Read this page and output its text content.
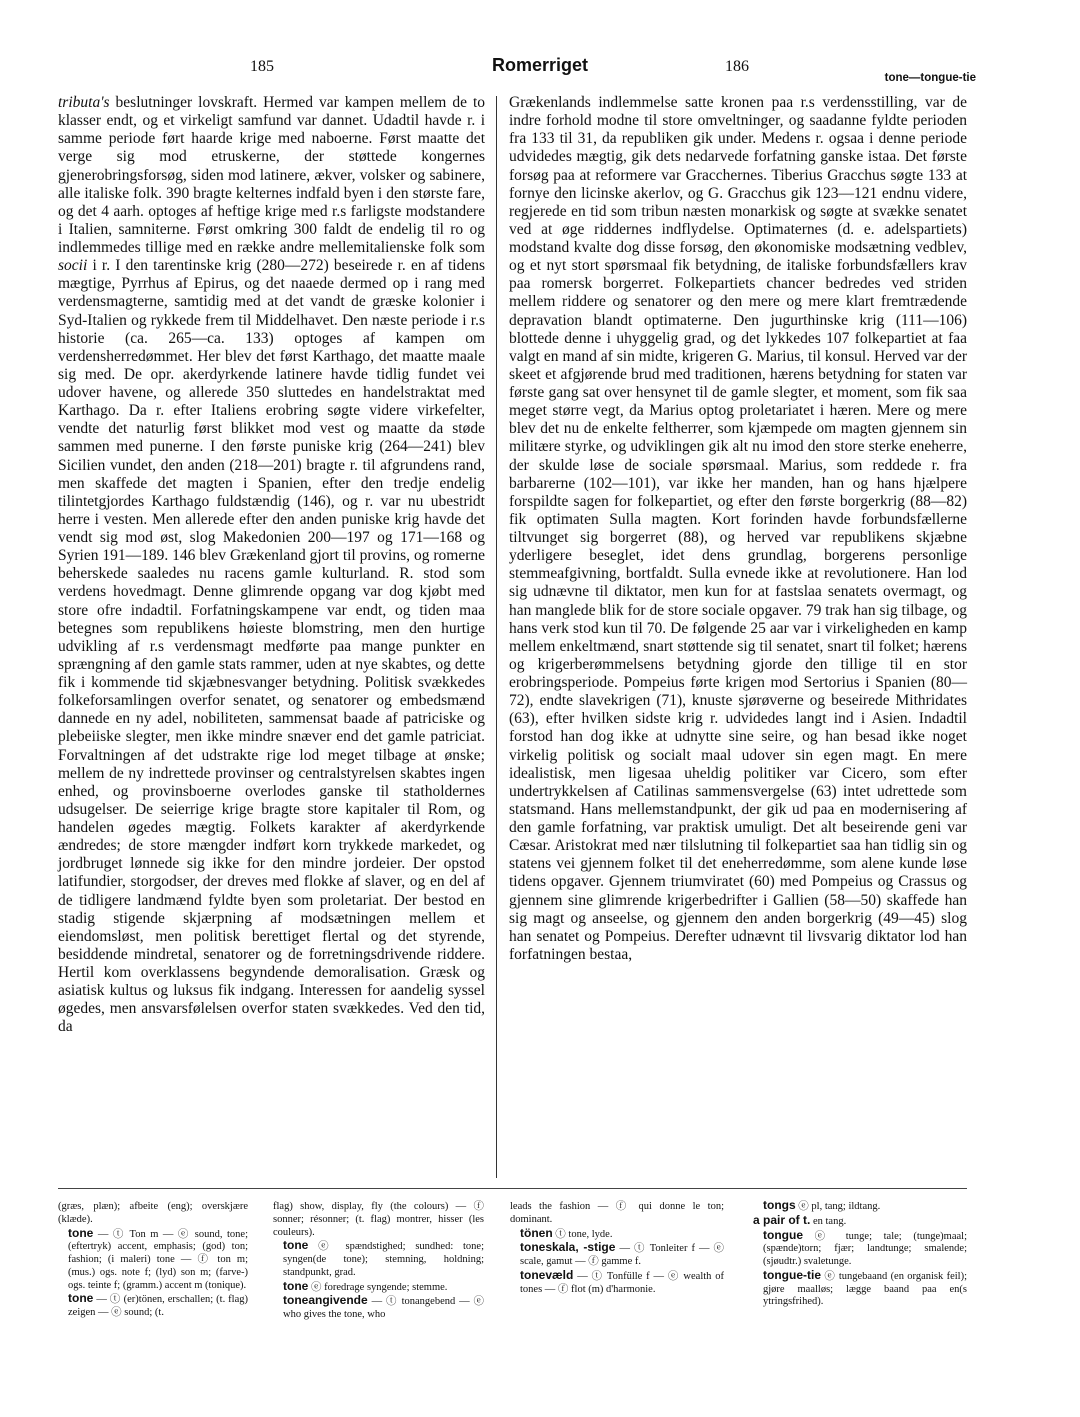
185	Romerriget	186
tone—tongue-tie

tributa's beslutninger lovskraft. Hermed var kampen mellem de to klasser endt, og et virkeligt samfund var dannet. Udadtil havde r. i samme periode ført haarde krige med naboerne. Først maatte det verge sig mod etruskerne, der støttede kongernes gjenerobringsforsøg, siden mod latinere, ækver, volsker og sabinere, alle italiske folk. 390 bragte kelternes indfald byen i den største fare, og det 4 aarh. optoges af heftige krige med r.s farligste modstandere i Italien, samniterne. Først omkring 300 faldt de endelig til ro og indlemmedes tillige med en række andre mellemitalienske folk som socii i r. I den tarentinske krig (280—272) beseirede r. en af tidens mægtige, Pyrrhus af Epirus, og det naaede dermed op i rang med verdensmagterne, samtidig med at det vandt de græske kolonier i Syd-Italien og rykkede frem til Middelhavet. Den næste periode i r.s historie (ca. 265—ca. 133) optoges af kampen om verdensherredømmet. Her blev det først Karthago, det maatte maale sig med. De opr. akerdyrkende latinere havde tidlig fundet vei udover havene, og allerede 350 sluttedes en handelstraktat med Karthago. Da r. efter Italiens erobring søgte videre virkefelter, vendte det naturlig først blikket mod vest og maatte da støde sammen med punerne. I den første puniske krig (264—241) blev Sicilien vundet, den anden (218—201) bragte r. til afgrundens rand, men skaffede det magten i Spanien, efter den tredje endelig tilintetgjordes Karthago fuldstændig (146), og r. var nu ubestridt herre i vesten. Men allerede efter den anden puniske krig havde det vendt sig mod øst, slog Makedonien 200—197 og 171—168 og Syrien 191—189. 146 blev Grækenland gjort til provins, og romerne beherskede saaledes nu racens gamle kulturland. R. stod som verdens hovedmagt. Denne glimrende opgang var dog kjøbt med store ofre indadtil. Forfatningskampene var endt, og tiden maa betegnes som republikens høieste blomstring, men den hurtige udvikling af r.s verdensmagt medførte paa mange punkter en sprængning af den gamle stats rammer, uden at nye skabtes, og dette fik i kommende tid skjæbnesvanger betydning. Politisk svækkedes folkeforsamlingen overfor senatet, og senatorer og embedsmænd dannede en ny adel, nobiliteten, sammensat baade af patriciske og plebeiiske slegter, men ikke mindre snæver end det gamle patriciat. Forvaltningen af det udstrakte rige lod meget tilbage at ønske; mellem de ny indrettede provinser og centralstyrelsen skabtes ingen enhed, og provinsboerne overlodes ganske til statholdernes udsugelser. De seierrige krige bragte store kapitaler til Rom, og handelen øgedes mægtig. Folkets karakter af akerdyrkende ændredes; de store mængder indført korn trykkede markedet, og jordbruget lønnede sig ikke for den mindre jordeier. Der opstod latifundier, storgodser, der dreves med flokke af slaver, og en del af de tidligere landmænd fyldte byen som proletariat. Der bestod en stadig stigende skjærpning af modsætningen mellem et eiendomsløst, men politisk berettiget flertal og det styrende, besiddende mindretal, senatorer og de forretningsdrivende riddere. Hertil kom overklassens begyndende demoralisation. Græsk og asiatisk kultus og luksus fik indgang. Interessen for aandelig syssel øgedes, men ansvarsfølelsen overfor staten svækkedes. Ved den tid, da

Grækenlands indlemmelse satte kronen paa r.s verdensstilling, var de indre forhold modne til store omveltninger, og saadanne fyldte perioden fra 133 til 31, da republiken gik under. Medens r. ogsaa i denne periode udvidedes mægtig, gik dets nedarvede forfatning ganske istaa. Det første forsøg paa at reformere var Gracchernes. Tiberius Gracchus søgte 133 at fornye den licinske akerlov, og G. Gracchus gik 123—121 endnu videre, regjerede en tid som tribun næsten monarkisk og søgte at svække senatet ved at øge riddernes indflydelse. Optimaternes (d. e. adelspartiets) modstand kvalte dog disse forsøg, den økonomiske modsætning vedblev, og et nyt stort spørsmaal fik betydning, de italiske forbundsfællers krav paa romersk borgerret. Folkepartiets chancer bedredes ved striden mellem riddere og senatorer og den mere og mere klart fremtrædende depravation blandt optimaterne. Den jugurthinske krig (111—106) blottede denne i uhyggelig grad, og det lykkedes 107 folkepartiet at faa valgt en mand af sin midte, krigeren G. Marius, til konsul. Herved var der skeet et afgjørende brud med traditionen, hærens betydning for staten var første gang sat over hensynet til de gamle slegter, et moment, som fik saa meget større vegt, da Marius optog proletariatet i hæren. Mere og mere blev det nu de enkelte feltherrer, som kjæmpede om magten gjennem sin militære styrke, og udviklingen gik alt nu imod den store sterke eneherre, der skulde løse de sociale spørsmaal. Marius, som reddede r. fra barbarerne (102—101), var ikke her manden, han og hans hjælpere forspildte sagen for folkepartiet, og efter den første borgerkrig (88—82) fik optimaten Sulla magten. Kort forinden havde forbundsfællerne tiltvunget sig borgerret (88), og herved var republikens skjæbne yderligere beseglet, idet dens grundlag, borgerens personlige stemmeafgivning, bortfaldt. Sulla evnede ikke at revolutionere. Han lod sig udnævne til diktator, men kun for at fastslaa senatets overmagt, og han manglede blik for de store sociale opgaver. 79 trak han sig tilbage, og hans verk stod kun til 70. De følgende 25 aar var i virkeligheden en kamp mellem enkeltmænd, snart støttende sig til senatet, snart til folket; hærens og krigerberømmelsens betydning gjorde den tillige til en stor erobringsperiode. Pompeius førte krigen mod Sertorius i Spanien (80—72), endte slavekrigen (71), knuste sjørøverne og beseirede Mithridates (63), efter hvilken sidste krig r. udvidedes langt ind i Asien. Indadtil forstod han dog ikke at udnytte sine seire, og han besad ikke noget virkelig politisk og socialt maal udover sin egen magt. En mere idealistisk, men ligesaa uheldig politiker var Cicero, som efter undertrykkelsen af Catilinas sammensvergelse (63) intet udrettede som statsmand. Hans mellemstandpunkt, der gik ud paa en modernisering af den gamle forfatning, var praktisk umuligt. Det alt beseirende geni var Cæsar. Aristokrat med nær tilslutning til folkepartiet saa han tidlig sin og statens vei gjennem folket til det eneherredømme, som alene kunde løse tidens opgaver. Gjennem triumviratet (60) med Pompeius og Crassus og gjennem sine glimrende krigerbedrifter i Gallien (58—50) skaffede han sig magt og anseelse, og gjennem den anden borgerkrig (49—45) slog han senatet og Pompeius. Derefter udnævnt til livsvarig diktator lod han forfatningen bestaa,

(græs, plæn); afbeite (eng); overskjære (klæde).
tone — ⓣ Ton m — ⓔ sound, tone; (eftertryk) accent, emphasis; (god) ton; fashion; (i maleri) tone — ⓕ ton m; (mus.) ogs. note f; (lyd) son m; (farve-) ogs. teinte f; (gramm.) accent m (tonique).
tone — ⓣ (er)tönen, erschallen; (t. flag) zeigen — ⓔ sound; (t.
flag) show, display, fly (the colours) — ⓕ sonner; résonner; (t. flag) montrer, hisser (les couleurs).
tone ⓔ spændstighed; sundhed: tone; syngen(de tone); stemning, holdning; standpunkt, grad.
tone ⓔ foredrage syngende; stemme.
toneangivende — ⓣ tonangebend — ⓔ who gives the tone, who
leads the fashion — ⓕ qui donne le ton; dominant.
tönen ⓣ tone, lyde.
toneskala, -stige — ⓣ Tonleiter f — ⓔ scale, gamut — ⓕ gamme f.
tonevæld — ⓣ Tonfülle f — ⓔ wealth of tones — ⓕ flot (m) d'harmonie.
tongs ⓔ pl, tang; ildtang.
a pair of t. en tang.
tongue ⓔ tunge; tale; (tunge)maal; (spænde)torn; fjær; landtunge; smalende; (sjøudtr.) svaletunge.
tongue-tie ⓔ tungebaand (en organisk feil); gjøre maalløs; lægge baand paa en(s ytringsfrihed).
